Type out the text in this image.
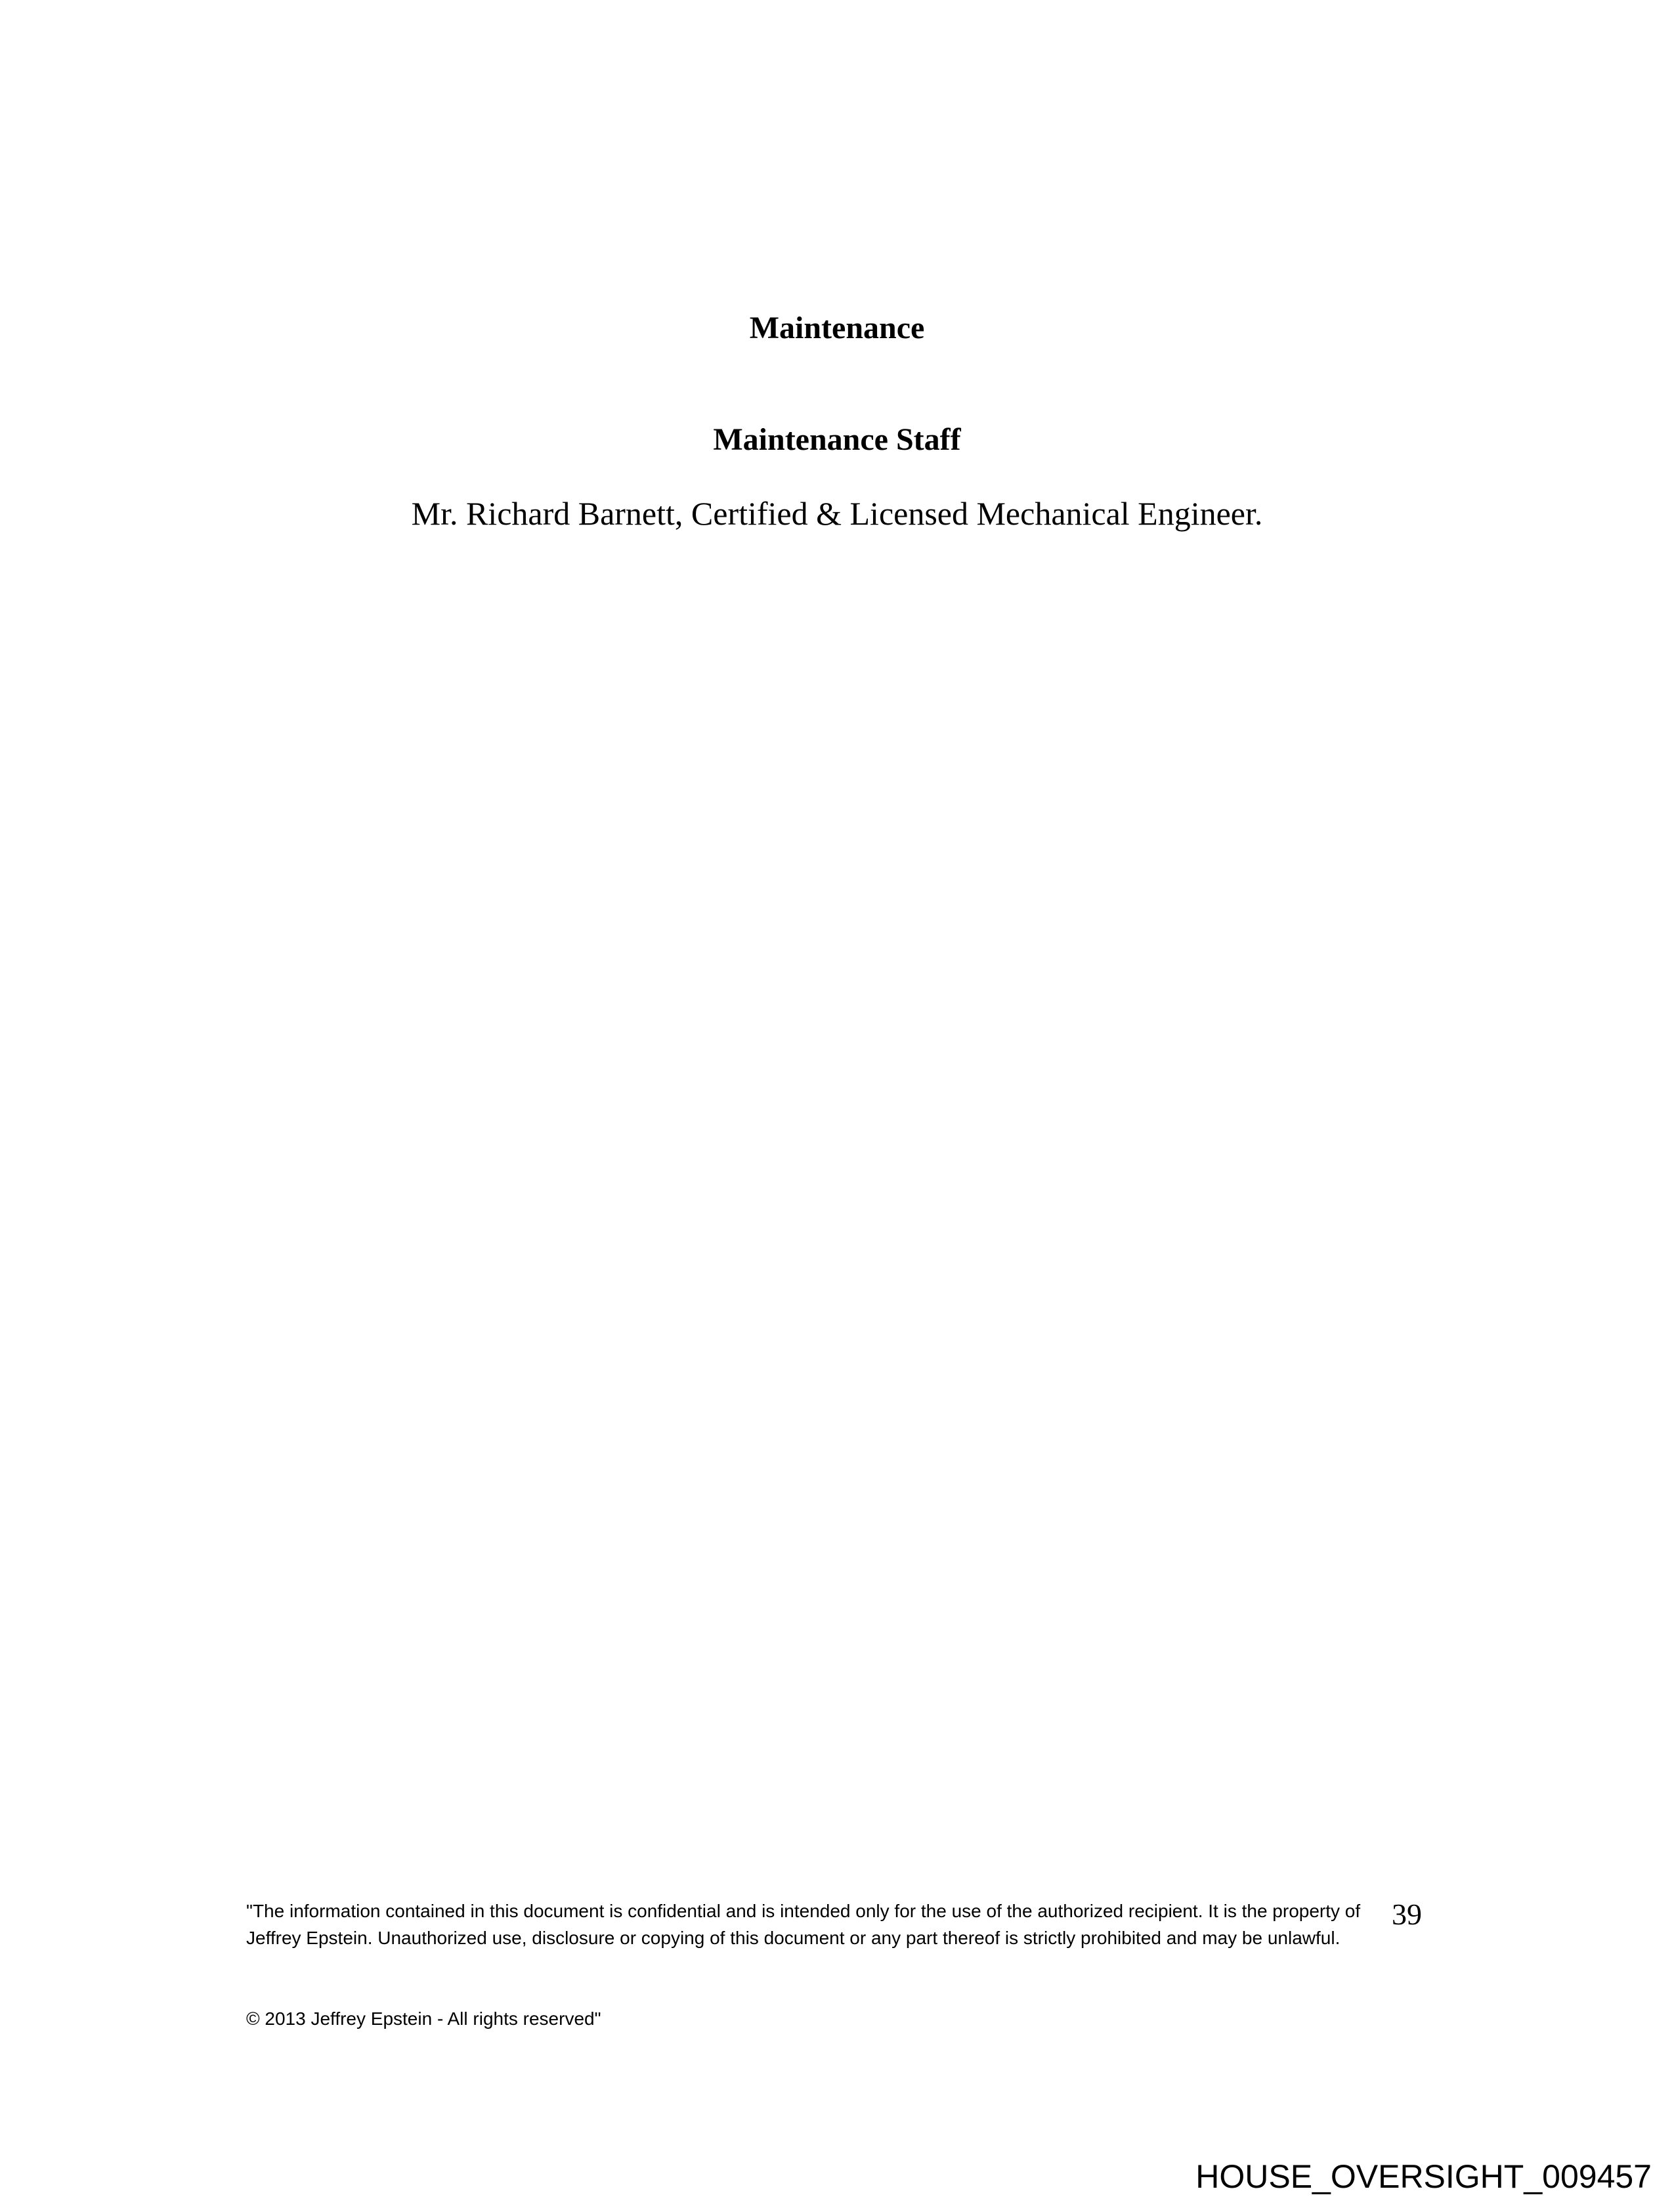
Maintenance
Maintenance Staff

Mr. Richard Barnett, Certified & Licensed Mechanical Engineer.

"The information contained in this document is confidential and is intended only for the use of the authorized recipient. It is the property of Jeffrey Epstein. Unauthorized use, disclosure or copying of this document or any part thereof is strictly prohibited and may be unlawful.

39

© 2013 Jeffrey Epstein - All rights reserved"

HOUSE_OVERSIGHT_009457
